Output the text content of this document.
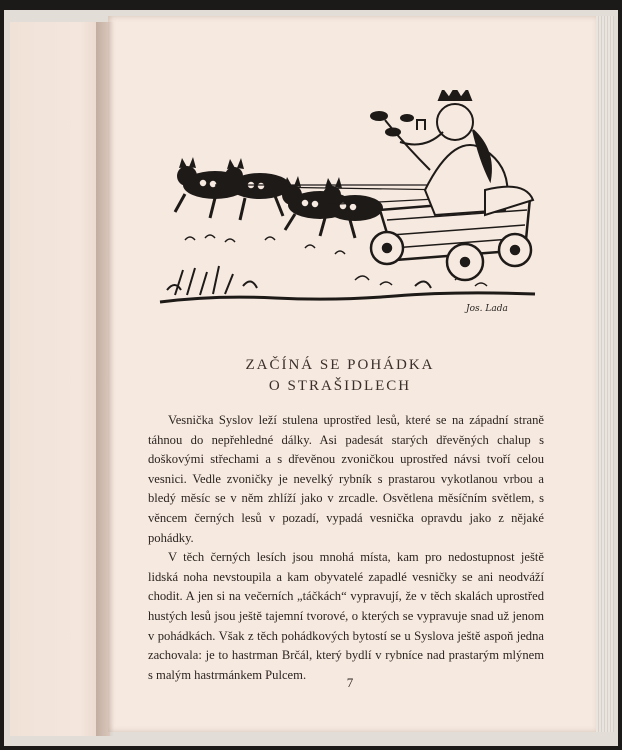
Jos. Lada
ZAČÍNÁ SE POHÁDKA
O STRAŠIDLECH

Vesnička Syslov leží stulena uprostřed lesů, které se na západní straně táhnou do nepřehledné dálky. Asi padesát starých dřevěných chalup s doškovými střechami a s dřevěnou zvoničkou uprostřed návsi tvoří celou vesnici. Vedle zvoničky je nevelký rybník s prastarou vykotlanou vrbou a bledý měsíc se v něm zhlíží jako v zrcadle. Osvětlena měsíčním světlem, s věncem černých lesů v pozadí, vypadá vesnička opravdu jako z nějaké pohádky.

V těch černých lesích jsou mnohá místa, kam pro nedostupnost ještě lidská noha nevstoupila a kam obyvatelé zapadlé vesničky se ani neodváží chodit. A jen si na večerních „táčkách“ vypravují, že v těch skalách uprostřed hustých lesů jsou ještě tajemní tvorové, o kterých se vypravuje snad už jenom v pohádkách. Však z těch pohádkových bytostí se u Syslova ještě aspoň jedna zachovala: je to hastrman Brčál, který bydlí v rybníce nad prastarým mlýnem s malým hastrmánkem Pulcem.

7
